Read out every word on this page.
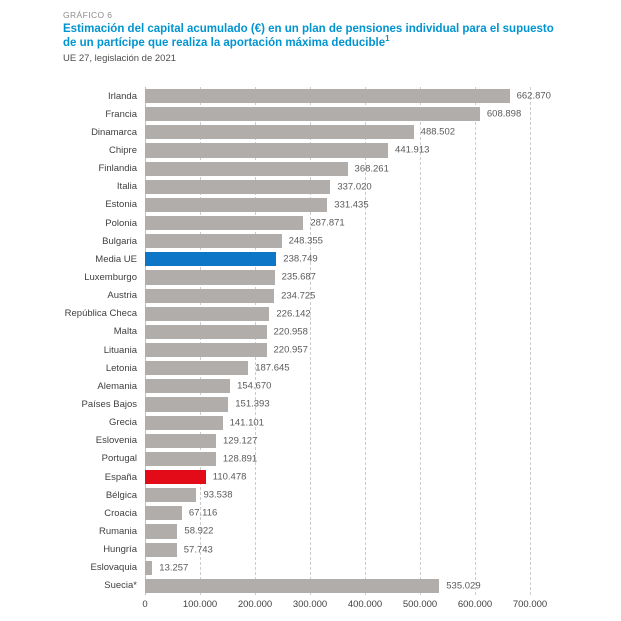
GRÁFICO 6
Estimación del capital acumulado (€) en un plan de pensiones individual para el supuesto
de un partícipe que realiza la aportación máxima deducible$^1$
UE 27, legislación de 2021
Irlanda	662.870
Francia	608.898
Dinamarca	488.502
Chipre	441.913
Finlandia	368.261
Italia	337.020
Estonia	331.435
Polonia	287.871
Bulgaria	248.355
Media UE	238.749
Luxemburgo	235.687
Austria	234.725
República Checa	226.142
Malta	220.958
Lituania	220.957
Letonia	187.645
Alemania	154.670
Países Bajos	151.393
Grecia	141.101
Eslovenia	129.127
Portugal	128.891
España	110.478
Bélgica	93.538
Croacia	67.116
Rumania	58.922
Hungría	57.743
Eslovaquia	13.257
Suecia*	535.029
0	100.000 200.000 300.000 400.000 500.000 600.000 700.000
